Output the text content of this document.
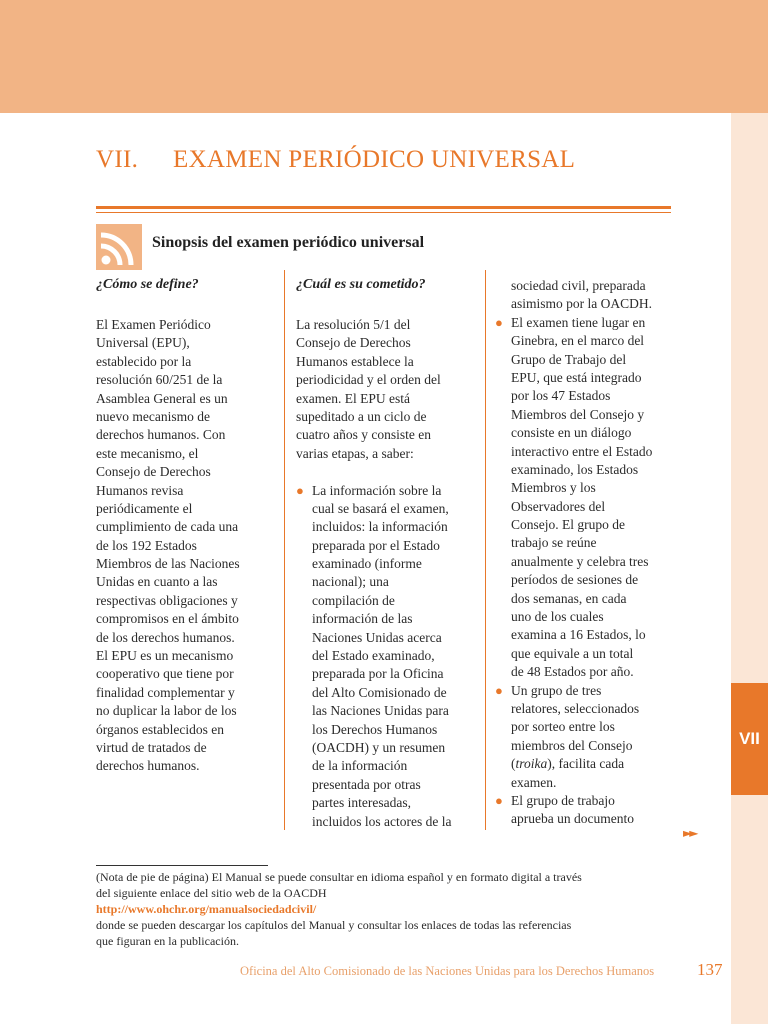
VII
VII. EXAMEN PERIÓDICO UNIVERSAL
Sinopsis del examen periódico universal
¿Cómo se define?	¿Cuál es su cometido?
El Examen Periódico
Universal (EPU),
establecido por la
resolución 60/251 de la
Asamblea General es un
nuevo mecanismo de
derechos humanos. Con
este mecanismo, el
Consejo de Derechos
Humanos revisa
periódicamente el
cumplimiento de cada una
de los 192 Estados
Miembros de las Naciones
Unidas en cuanto a las
respectivas obligaciones y
compromisos en el ámbito
de los derechos humanos.
El EPU es un mecanismo
cooperativo que tiene por
finalidad complementar y
no duplicar la labor de los
órganos establecidos en
virtud de tratados de
derechos humanos.
La resolución 5/1 del
Consejo de Derechos
Humanos establece la
periodicidad y el orden del
examen. El EPU está
supeditado a un ciclo de
cuatro años y consiste en
varias etapas, a saber:
● La información sobre la
cual se basará el examen,
incluidos: la información
preparada por el Estado
examinado (informe
nacional); una
compilación de
información de las
Naciones Unidas acerca
del Estado examinado,
preparada por la Oficina
del Alto Comisionado de
las Naciones Unidas para
los Derechos Humanos
(OACDH) y un resumen
de la información
presentada por otras
partes interesadas,
incluidos los actores de la
sociedad civil, preparada
asimismo por la OACDH.
● El examen tiene lugar en
Ginebra, en el marco del
Grupo de Trabajo del
EPU, que está integrado
por los 47 Estados
Miembros del Consejo y
consiste en un diálogo
interactivo entre el Estado
examinado, los Estados
Miembros y los
Observadores del
Consejo. El grupo de
trabajo se reúne
anualmente y celebra tres
períodos de sesiones de
dos semanas, en cada
uno de los cuales
examina a 16 Estados, lo
que equivale a un total
de 48 Estados por año.
● Un grupo de tres
relatores, seleccionados
por sorteo entre los
miembros del Consejo
(troika), facilita cada
examen.
● El grupo de trabajo
aprueba un documento
►►
(Nota de pie de página) El Manual se puede consultar en idioma español y en formato digital a través
del siguiente enlace del sitio web de la OACDH
http://www.ohchr.org/manualsociedadcivil/
donde se pueden descargar los capítulos del Manual y consultar los enlaces de todas las referencias
que figuran en la publicación.
Oficina del Alto Comisionado de las Naciones Unidas para los Derechos Humanos	137
